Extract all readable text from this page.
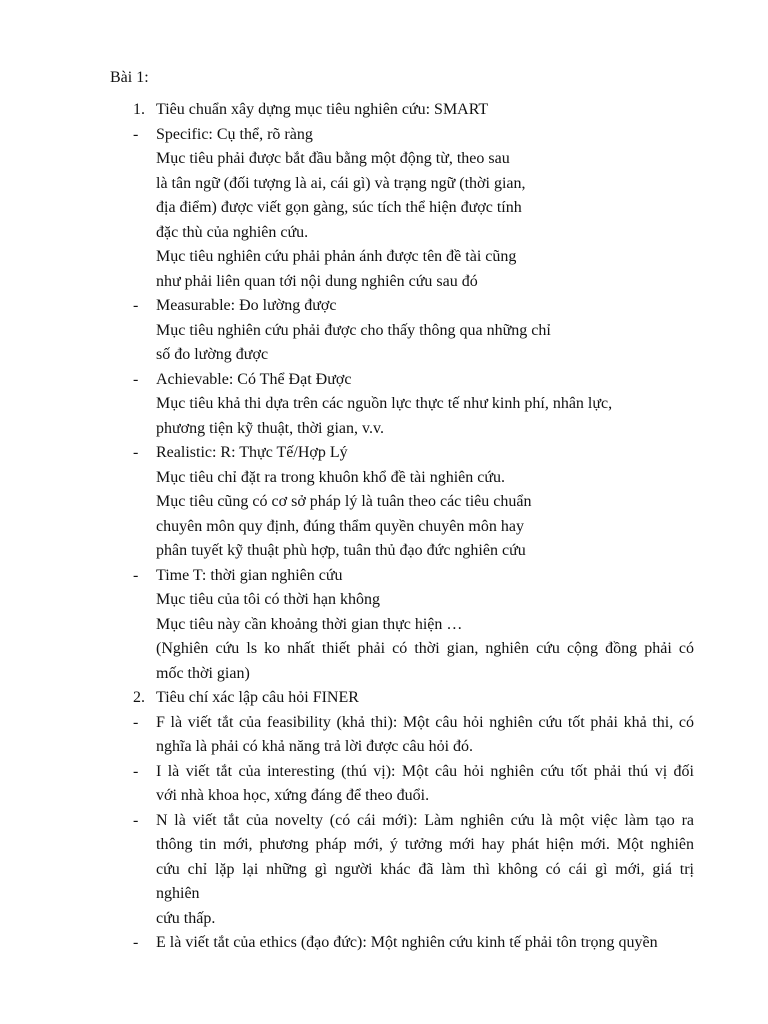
Bài 1:
1. Tiêu chuẩn xây dựng mục tiêu nghiên cứu: SMART
- Specific: Cụ thể, rõ ràng
Mục tiêu phải được bắt đầu bằng một động từ, theo sau
là tân ngữ (đối tượng là ai, cái gì) và trạng ngữ (thời gian,
địa điểm) được viết gọn gàng, súc tích thể hiện được tính
đặc thù của nghiên cứu.
Mục tiêu nghiên cứu phải phản ánh được tên đề tài cũng
như phải liên quan tới nội dung nghiên cứu sau đó
- Measurable: Đo lường được
Mục tiêu nghiên cứu phải được cho thấy thông qua những chỉ
số đo lường được
- Achievable: Có Thể Đạt Được
Mục tiêu khả thi dựa trên các nguồn lực thực tế như kinh phí, nhân lực,
phương tiện kỹ thuật, thời gian, v.v.
- Realistic: R: Thực Tế/Hợp Lý
Mục tiêu chỉ đặt ra trong khuôn khổ đề tài nghiên cứu.
Mục tiêu cũng có cơ sở pháp lý là tuân theo các tiêu chuẩn
chuyên môn quy định, đúng thẩm quyền chuyên môn hay
phân tuyết kỹ thuật phù hợp, tuân thủ đạo đức nghiên cứu
- Time T: thời gian nghiên cứu
Mục tiêu của tôi có thời hạn không
Mục tiêu này cần khoảng thời gian thực hiện …
(Nghiên cứu ls ko nhất thiết phải có thời gian, nghiên cứu cộng đồng phải có
mốc thời gian)
2. Tiêu chí xác lập câu hỏi FINER
- F là viết tắt của feasibility (khả thi): Một câu hỏi nghiên cứu tốt phải khả thi, có
nghĩa là phải có khả năng trả lời được câu hỏi đó.
- I là viết tắt của interesting (thú vị): Một câu hỏi nghiên cứu tốt phải thú vị đối
với nhà khoa học, xứng đáng để theo đuổi.
- N là viết tắt của novelty (có cái mới): Làm nghiên cứu là một việc làm tạo ra
thông tin mới, phương pháp mới, ý tưởng mới hay phát hiện mới. Một nghiên
cứu chỉ lặp lại những gì người khác đã làm thì không có cái gì mới, giá trị
nghiên
cứu thấp.
- E là viết tắt của ethics (đạo đức): Một nghiên cứu kinh tế phải tôn trọng quyền
